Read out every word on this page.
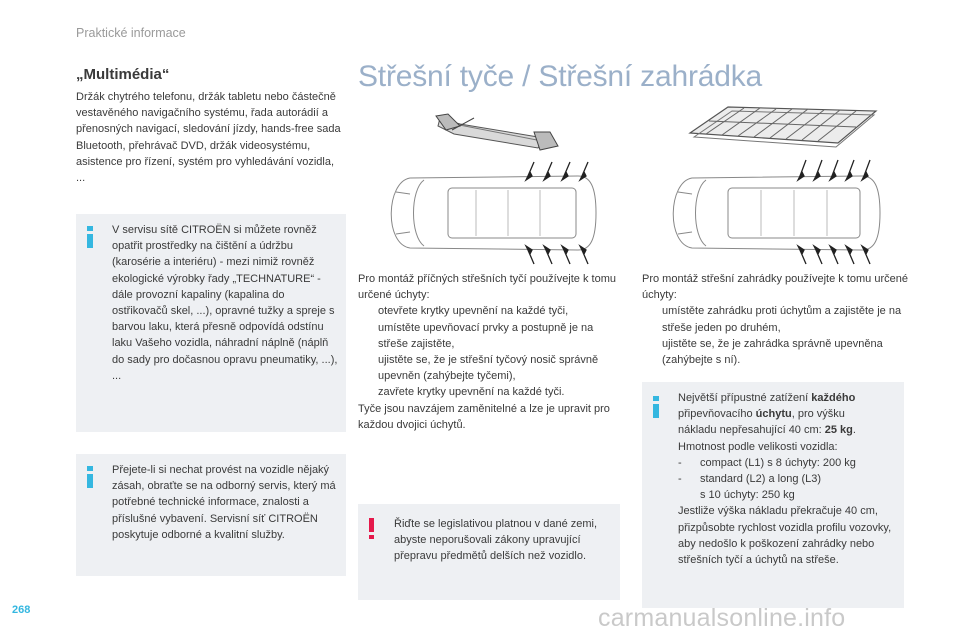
Praktické informace
„Multimédia“
Držák chytrého telefonu, držák tabletu nebo částečně vestavěného navigačního systému, řada autorádií a přenosných navigací, sledování jízdy, hands-free sada Bluetooth, přehrávač DVD, držák videosystému, asistence pro řízení, systém pro vyhledávání vozidla, ...
V servisu sítě CITROËN si můžete rovněž opatřit prostředky na čištění a údržbu (karosérie a interiéru) - mezi nimiž rovněž ekologické výrobky řady „TECHNATURE“ - dále provozní kapaliny (kapalina do ostřikovačů skel, ...), opravné tužky a spreje s barvou laku, která přesně odpovídá odstínu laku Vašeho vozidla, náhradní náplně (náplň do sady pro dočasnou opravu pneumatiky, ...), ...
Přejete-li si nechat provést na vozidle nějaký zásah, obraťte se na odborný servis, který má potřebné technické informace, znalosti a příslušné vybavení. Servisní síť CITROËN poskytuje odborné a kvalitní služby.
Střešní tyče / Střešní zahrádka
Pro montáž příčných střešních tyčí používejte k tomu určené úchyty:
otevřete krytky upevnění na každé tyči,
umístěte upevňovací prvky a postupně je na střeše zajistěte,
ujistěte se, že je střešní tyčový nosič správně upevněn (zahýbejte tyčemi),
zavřete krytky upevnění na každé tyči.
Tyče jsou navzájem zaměnitelné a lze je upravit pro každou dvojici úchytů.
Řiďte se legislativou platnou v dané zemi, abyste neporušovali zákony upravující přepravu předmětů delších než vozidlo.
Pro montáž střešní zahrádky používejte k tomu určené úchyty:
umístěte zahrádku proti úchytům a zajistěte je na střeše jeden po druhém,
ujistěte se, že je zahrádka správně upevněna (zahýbejte s ní).
Největší přípustné zatížení každého
připevňovacího úchytu, pro výšku
nákladu nepřesahující 40 cm: 25 kg.
Hmotnost podle velikosti vozidla:
-	compact (L1) s 8 úchyty: 200 kg
-	standard (L2) a long (L3)
s 10 úchyty: 250 kg
Jestliže výška nákladu překračuje 40 cm, přizpůsobte rychlost vozidla profilu vozovky, aby nedošlo k poškození zahrádky nebo střešních tyčí a úchytů na střeše.
268	carmanualsonline.info
